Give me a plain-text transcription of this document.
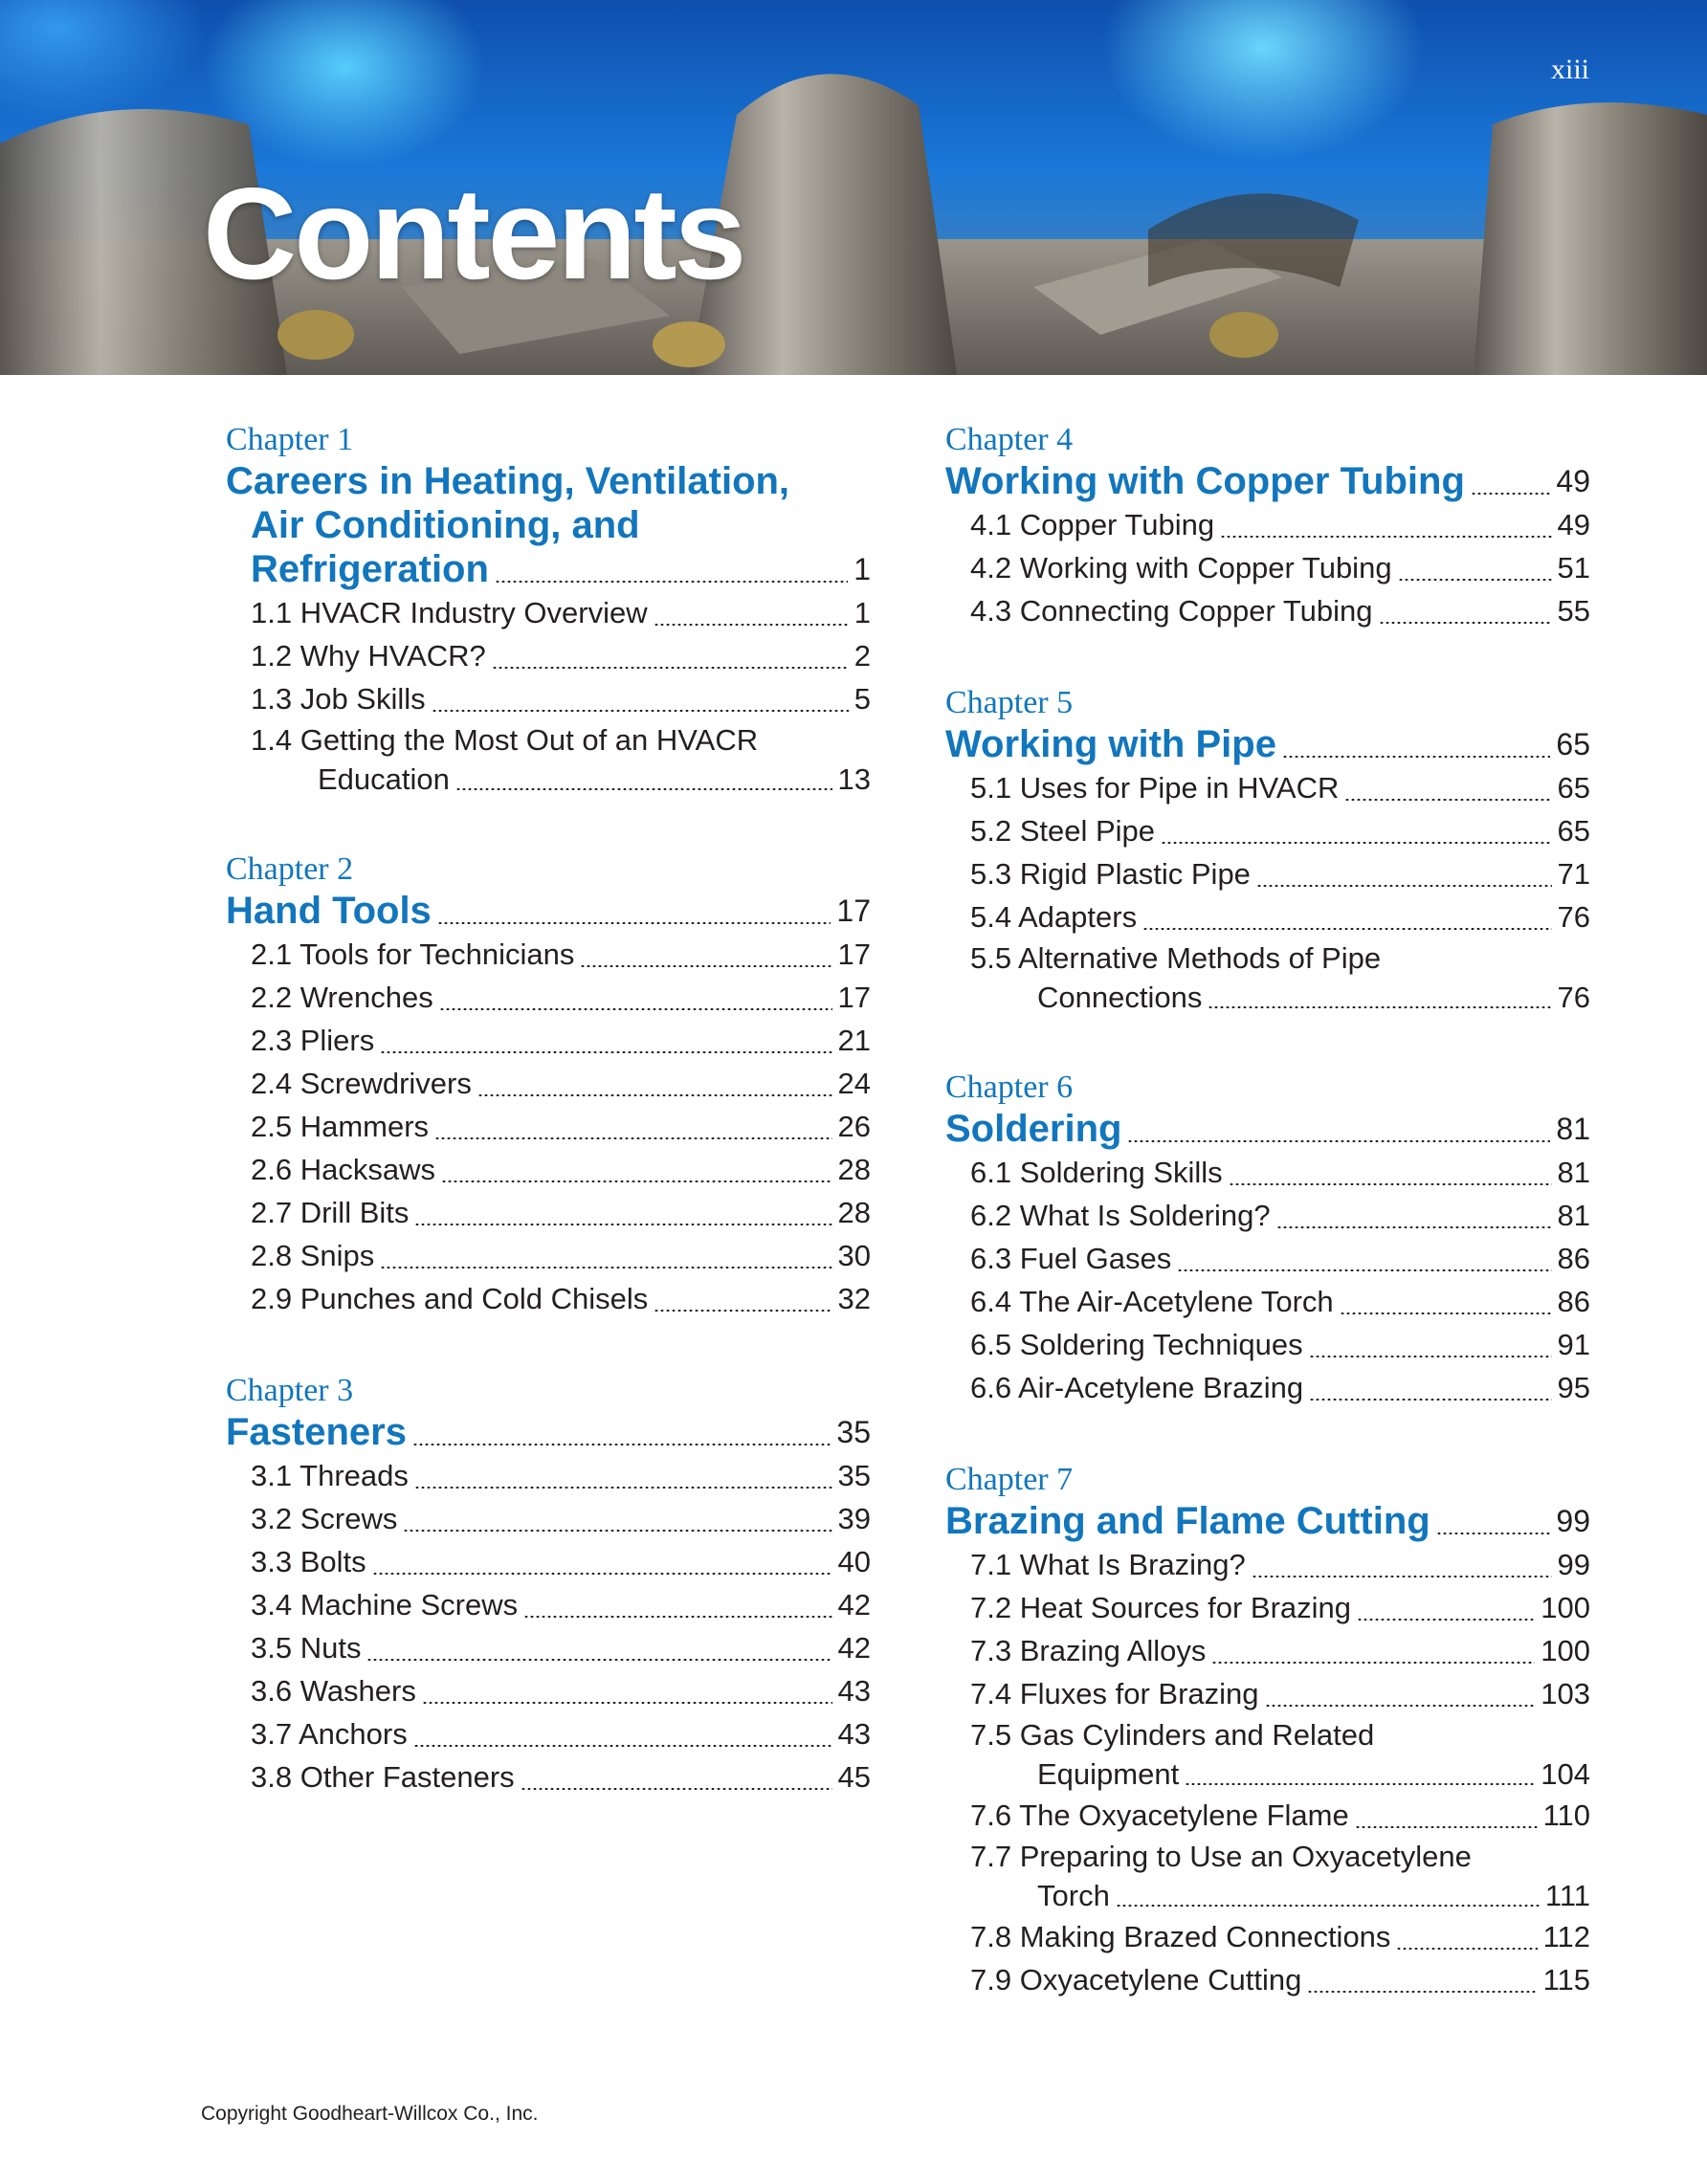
xiii
Contents
Chapter 1
Careers in Heating, Ventilation,
Air Conditioning, and
Refrigeration	1
1.1 HVACR Industry Overview	1
1.2 Why HVACR?	2
1.3 Job Skills	5
1.4 Getting the Most Out of an HVACR
Education	13
Chapter 2
Hand Tools	17
2.1 Tools for Technicians	17
2.2 Wrenches	17
2.3 Pliers	21
2.4 Screwdrivers	24
2.5 Hammers	26
2.6 Hacksaws	28
2.7 Drill Bits	28
2.8 Snips	30
2.9 Punches and Cold Chisels	32
Chapter 3
Fasteners	35
3.1 Threads	35
3.2 Screws	39
3.3 Bolts	40
3.4 Machine Screws	42
3.5 Nuts	42
3.6 Washers	43
3.7 Anchors	43
3.8 Other Fasteners	45
Chapter 4
Working with Copper Tubing	49
4.1 Copper Tubing	49
4.2 Working with Copper Tubing	51
4.3 Connecting Copper Tubing	55
Chapter 5
Working with Pipe	65
5.1 Uses for Pipe in HVACR	65
5.2 Steel Pipe	65
5.3 Rigid Plastic Pipe	71
5.4 Adapters	76
5.5 Alternative Methods of Pipe
Connections	76
Chapter 6
Soldering	81
6.1 Soldering Skills	81
6.2 What Is Soldering?	81
6.3 Fuel Gases	86
6.4 The Air-Acetylene Torch	86
6.5 Soldering Techniques	91
6.6 Air-Acetylene Brazing	95
Chapter 7
Brazing and Flame Cutting	99
7.1 What Is Brazing?	99
7.2 Heat Sources for Brazing	100
7.3 Brazing Alloys	100
7.4 Fluxes for Brazing	103
7.5 Gas Cylinders and Related
Equipment	104
7.6 The Oxyacetylene Flame	110
7.7 Preparing to Use an Oxyacetylene
Torch	111
7.8 Making Brazed Connections	112
7.9 Oxyacetylene Cutting	115
Copyright Goodheart-Willcox Co., Inc.
